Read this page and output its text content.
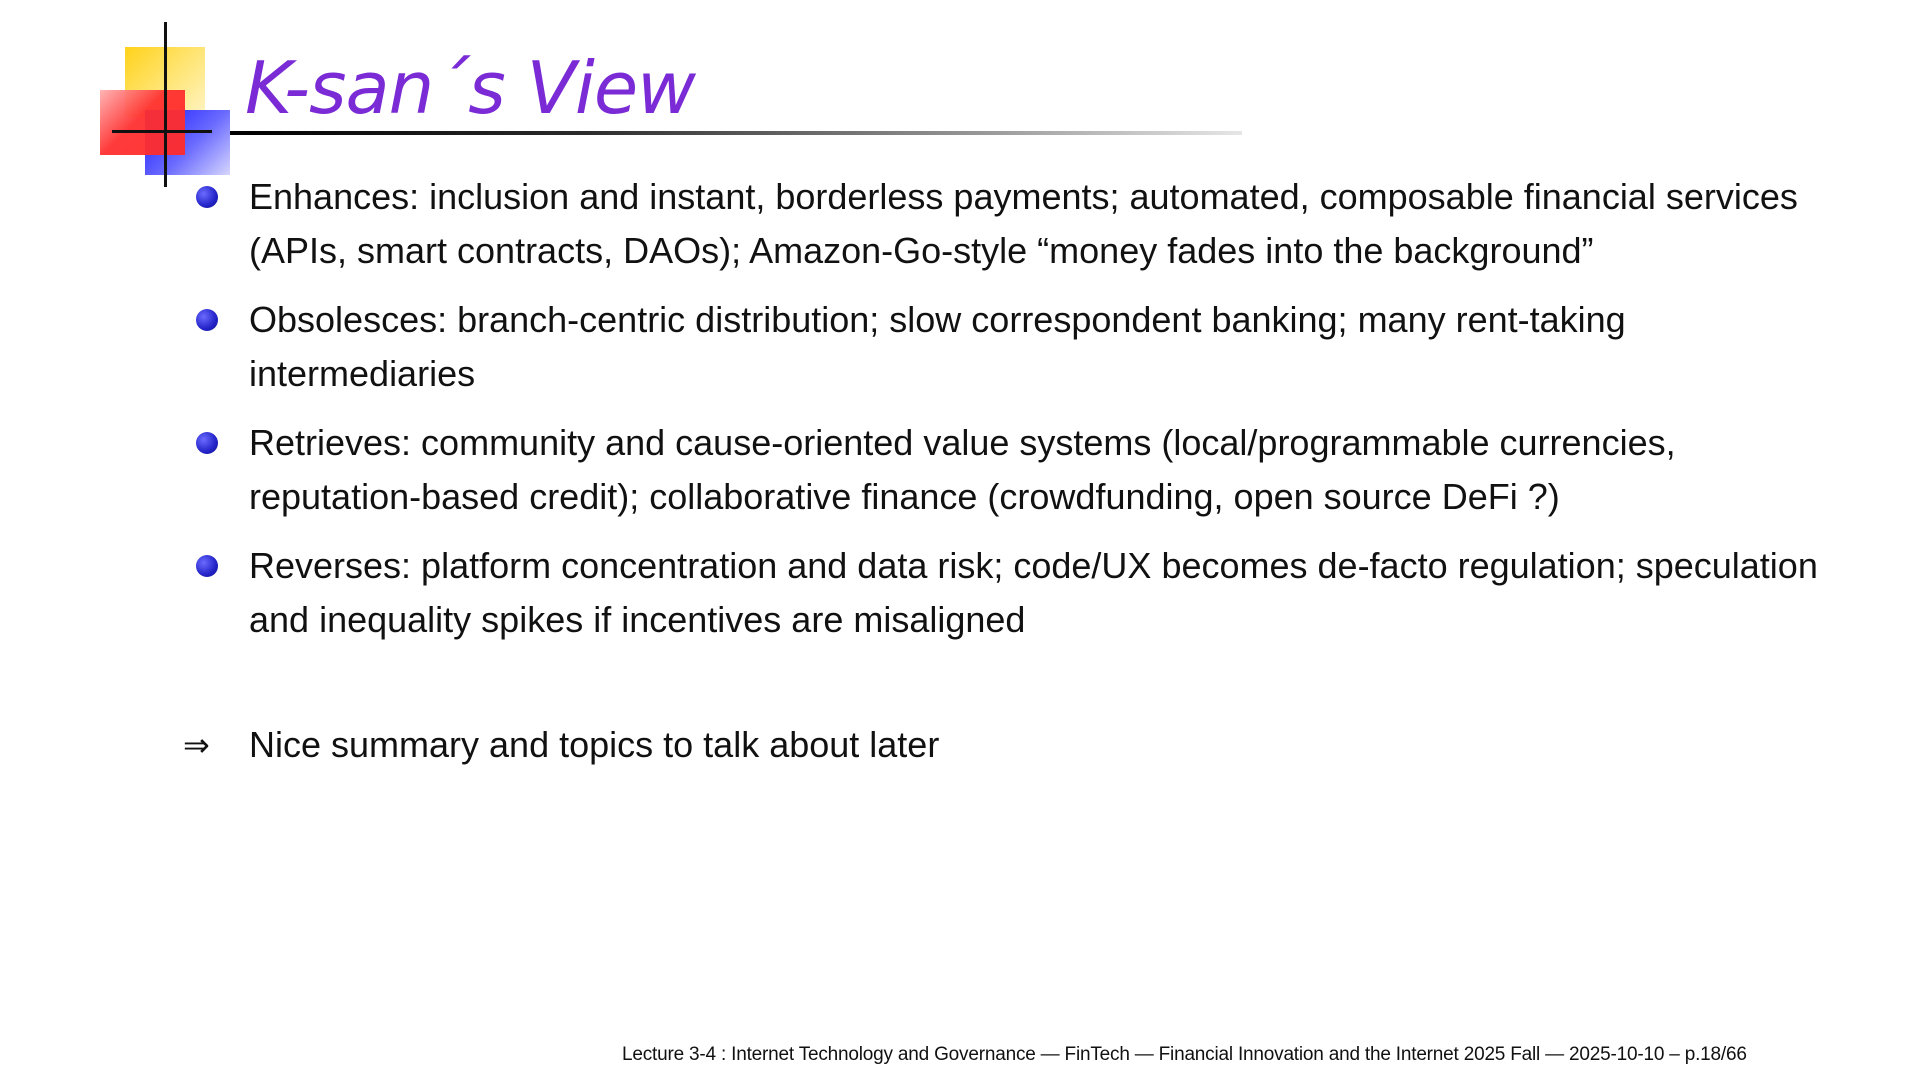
K-san´s View
Enhances: inclusion and instant, borderless payments; automated, composable financial services (APIs, smart contracts, DAOs); Amazon-Go-style “money fades into the background”
Obsolesces: branch-centric distribution; slow correspondent banking; many rent-taking intermediaries
Retrieves: community and cause-oriented value systems (local/programmable currencies, reputation-based credit); collaborative finance (crowdfunding, open source DeFi ?)
Reverses: platform concentration and data risk; code/UX becomes de-facto regulation; speculation and inequality spikes if incentives are misaligned
⇒ Nice summary and topics to talk about later
Lecture 3-4 : Internet Technology and Governance — FinTech — Financial Innovation and the Internet 2025 Fall — 2025-10-10 – p.18/66
